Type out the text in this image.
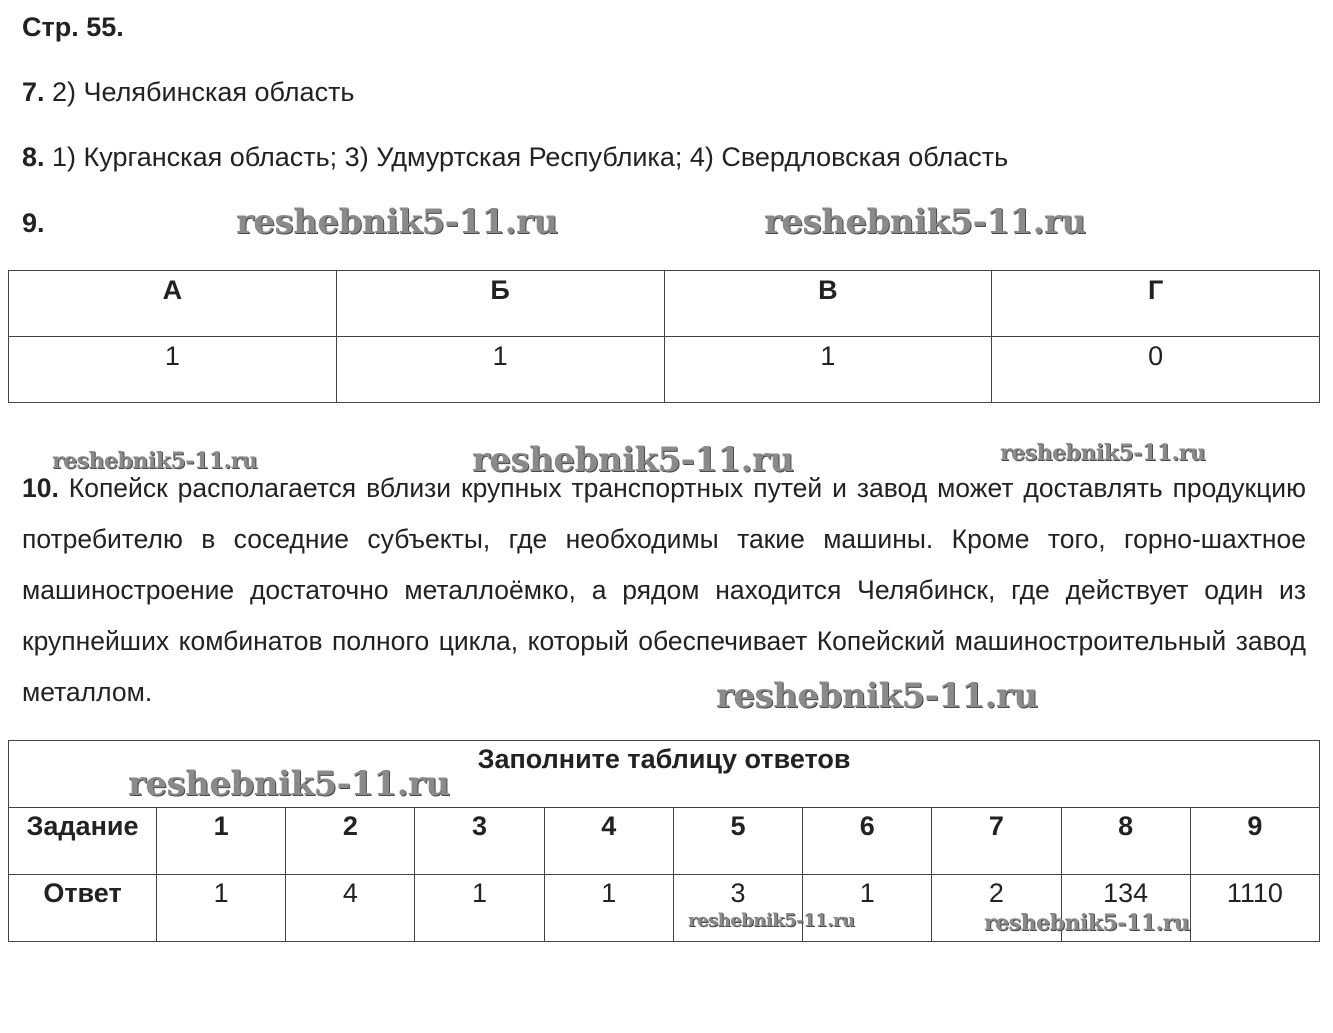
Стр. 55.
7. 2) Челябинская область
8. 1) Курганская область; 3) Удмуртская Республика; 4) Свердловская область
9.
А	Б	В	Г
1	1	1	0
10. Копейск располагается вблизи крупных транспортных путей и завод может доставлять продукцию потребителю в соседние субъекты, где необходимы такие машины. Кроме того, горно-шахтное машиностроение достаточно металлоёмко, а рядом находится Челябинск, где действует один из крупнейших комбинатов полного цикла, который обеспечивает Копейский машиностроительный завод металлом.
Заполните таблицу ответов									
Задание	1	2	3	4	5	6	7	8	9
Ответ	1	4	1	1	3	1	2	134	1110
reshebnik5-11.ru	reshebnik5-11.ru
reshebnik5-11.ru	reshebnik5-11.ru	reshebnik5-11.ru
reshebnik5-11.ru
reshebnik5-11.ru
reshebnik5-11.ru	reshebnik5-11.ru
